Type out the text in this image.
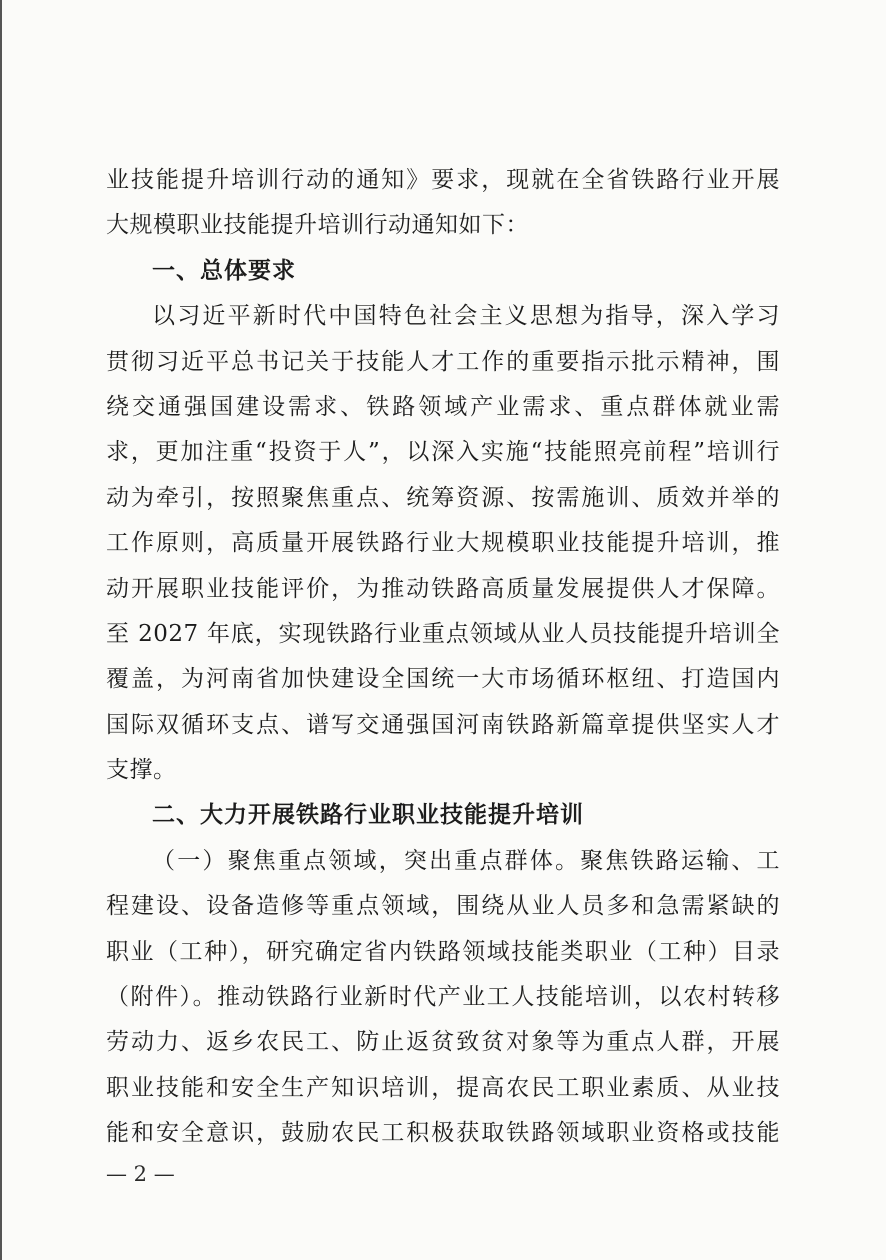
业技能提升培训行动的通知》要求，现就在全省铁路行业开展
大规模职业技能提升培训行动通知如下：
一、总体要求
以习近平新时代中国特色社会主义思想为指导，深入学习
贯彻习近平总书记关于技能人才工作的重要指示批示精神，围
绕交通强国建设需求、铁路领域产业需求、重点群体就业需
求，更加注重“投资于人”，以深入实施“技能照亮前程”培训行
动为牵引，按照聚焦重点、统筹资源、按需施训、质效并举的
工作原则，高质量开展铁路行业大规模职业技能提升培训，推
动开展职业技能评价，为推动铁路高质量发展提供人才保障。
至 2027 年底，实现铁路行业重点领域从业人员技能提升培训全
覆盖，为河南省加快建设全国统一大市场循环枢纽、打造国内
国际双循环支点、谱写交通强国河南铁路新篇章提供坚实人才
支撑。
二、大力开展铁路行业职业技能提升培训
（一）聚焦重点领域，突出重点群体。聚焦铁路运输、工
程建设、设备造修等重点领域，围绕从业人员多和急需紧缺的
职业（工种），研究确定省内铁路领域技能类职业（工种）目录
（附件）。推动铁路行业新时代产业工人技能培训，以农村转移
劳动力、返乡农民工、防止返贫致贫对象等为重点人群，开展
职业技能和安全生产知识培训，提高农民工职业素质、从业技
能和安全意识，鼓励农民工积极获取铁路领域职业资格或技能
— 2 —
